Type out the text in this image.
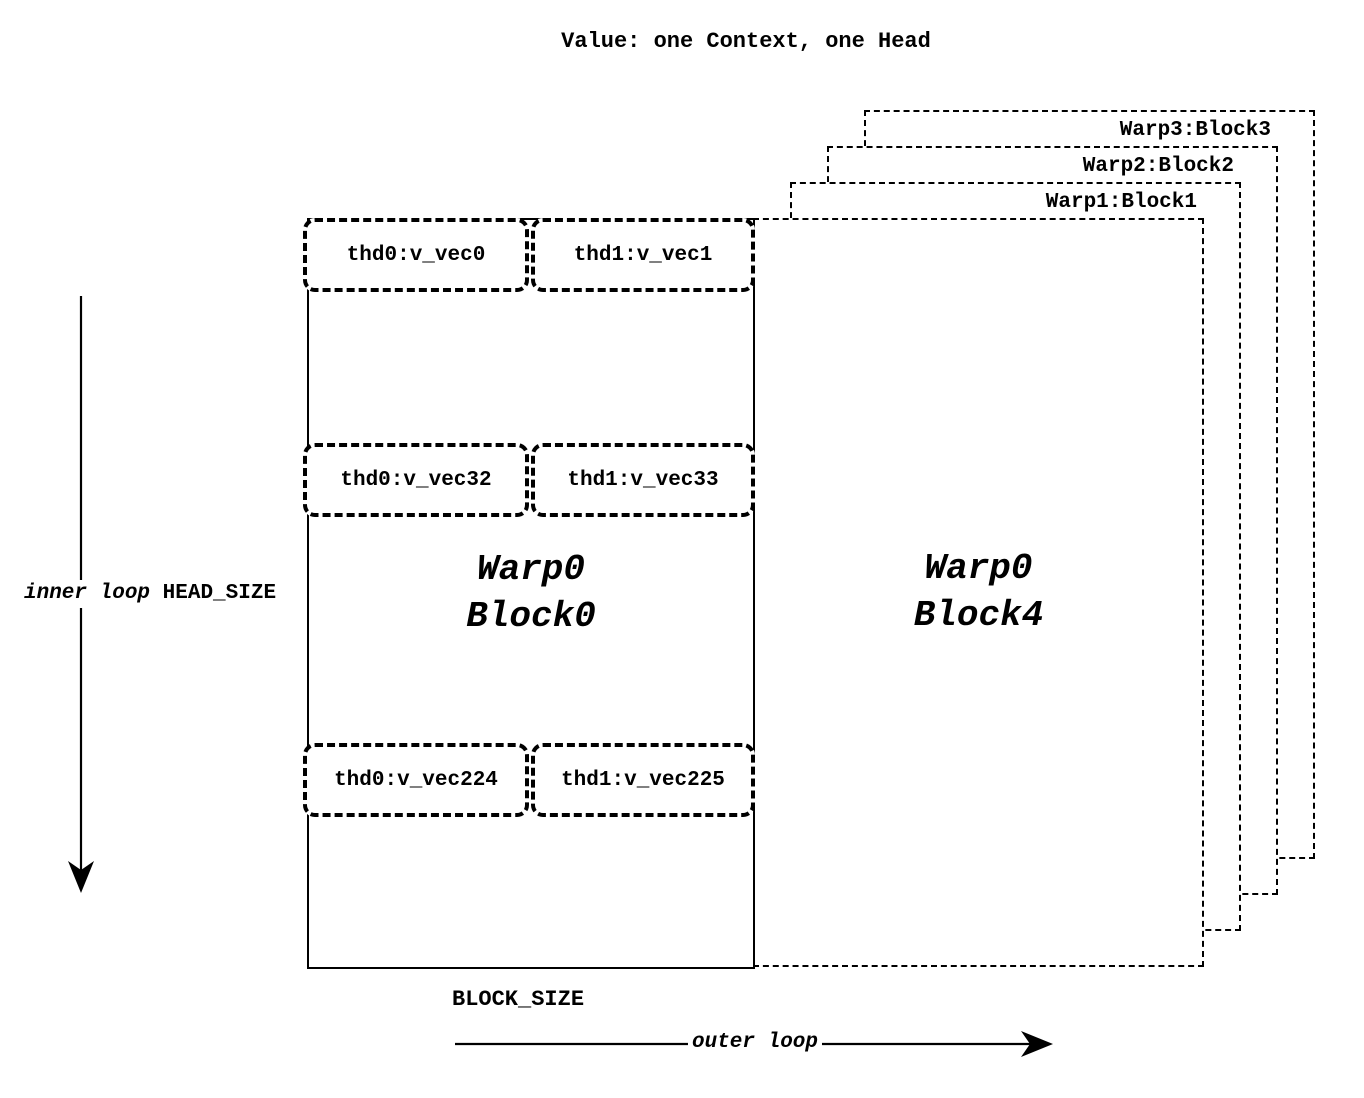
Value: one Context, one Head
Warp3:Block3
Warp2:Block2
Warp1:Block1
Warp0
Block4
Warp0
Block0
thd0:v_vec0	thd1:v_vec1
thd0:v_vec32	thd1:v_vec33
thd0:v_vec224	thd1:v_vec225
inner loop HEAD_SIZE
BLOCK_SIZE
outer loop
